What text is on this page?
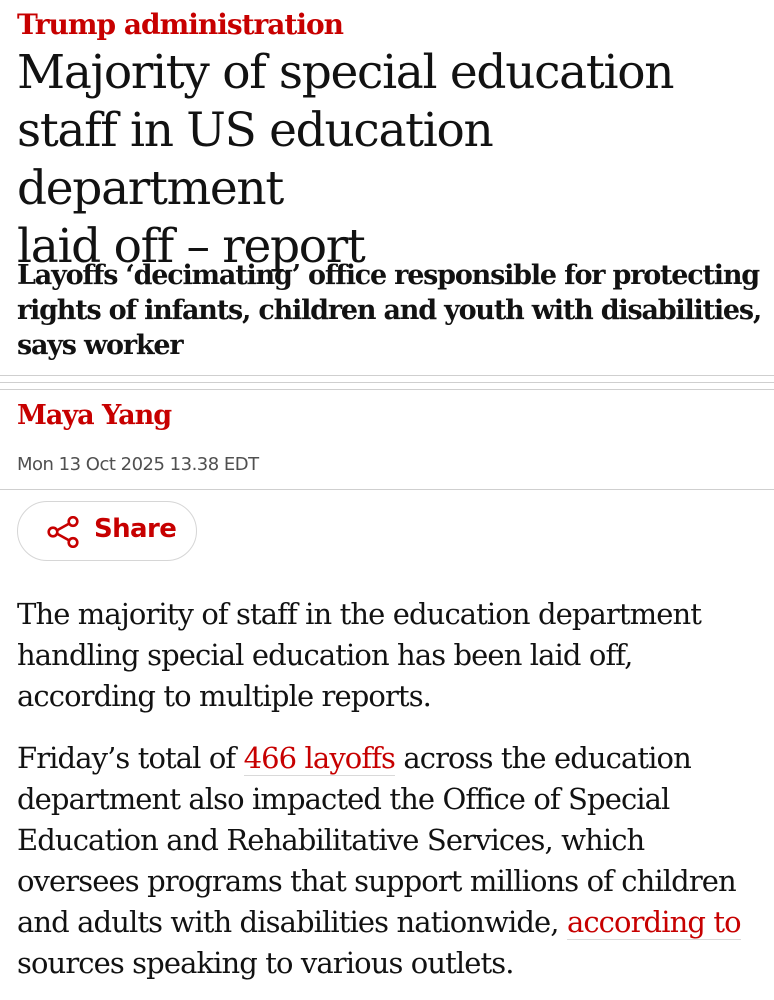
Trump administration
Majority of special education
staff in US education department
laid off – report
Layoffs ‘decimating’ office responsible for protecting
rights of infants, children and youth with disabilities,
says worker
Maya Yang
Mon 13 Oct 2025 13.38 EDT
Share
The majority of staff in the education department
handling special education has been laid off,
according to multiple reports.
Friday’s total of 466 layoffs across the education
department also impacted the Office of Special
Education and Rehabilitative Services, which
oversees programs that support millions of children
and adults with disabilities nationwide, according to
sources speaking to various outlets.
